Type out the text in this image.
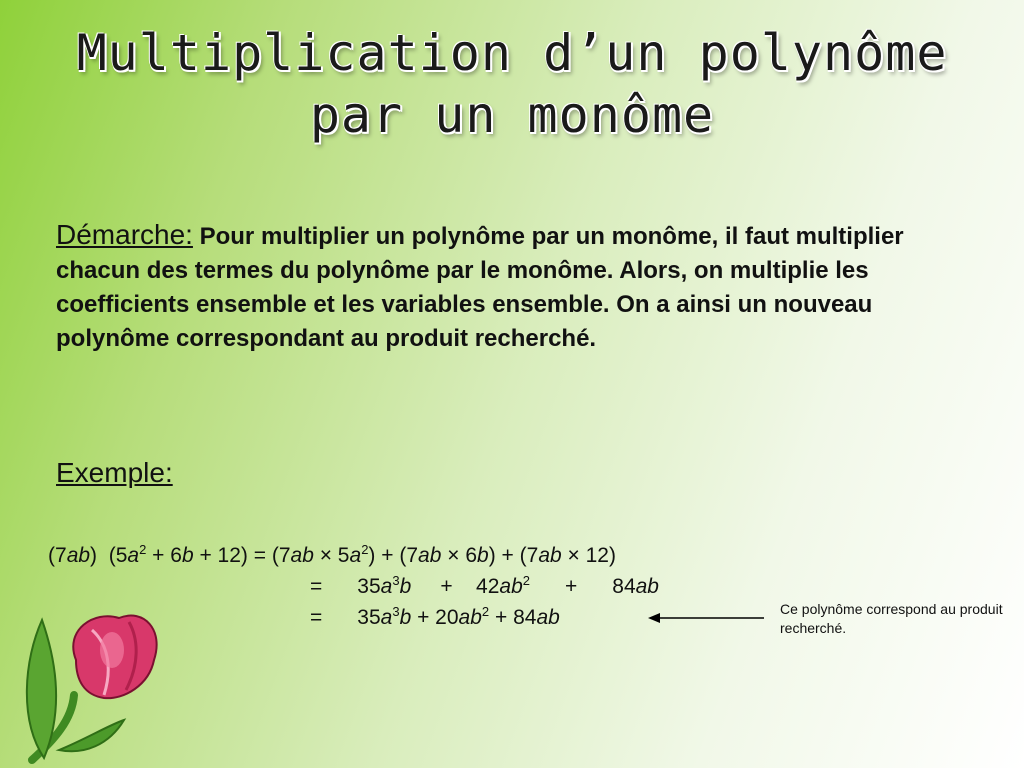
Multiplication d’un polynôme
par un monôme

Démarche: Pour multiplier un polynôme par un monôme, il faut multiplier chacun des termes du polynôme par le monôme. Alors, on multiplie les coefficients ensemble et les variables ensemble. On a ainsi un nouveau polynôme correspondant au produit recherché.

Exemple:

(7ab)  $(5a^2 + 6b + 12) = (7ab \times 5a^2) + (7ab \times 6b) + (7ab \times 12)$
=      $35a^3b$     +    $42ab^2$      +      84ab
=      $35a^3b + 20ab^2 + 84ab$	Ce polynôme correspond au produit recherché.
